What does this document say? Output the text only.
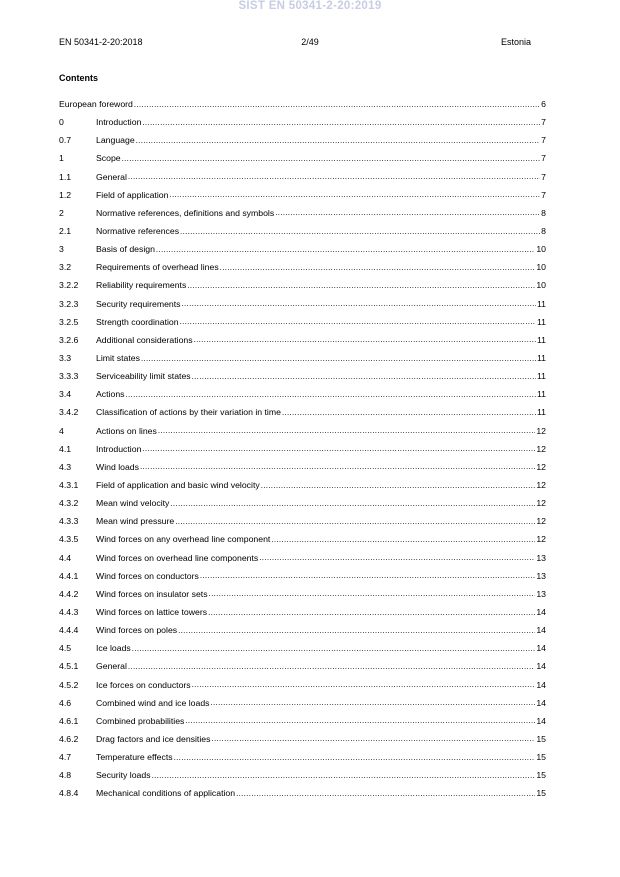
SIST EN 50341-2-20:2019
EN 50341-2-20:2018	2/49	Estonia
Contents
European foreword .....	6
0	Introduction .....	7
0.7	Language .....	7
1	Scope .....	7
1.1	General .....	7
1.2	Field of application .....	7
2	Normative references, definitions and symbols .....	8
2.1	Normative references .....	8
3	Basis of design .....	10
3.2	Requirements of overhead lines .....	10
3.2.2	Reliability requirements .....	10
3.2.3	Security requirements .....	11
3.2.5	Strength coordination .....	11
3.2.6	Additional considerations .....	11
3.3	Limit states .....	11
3.3.3	Serviceability limit states .....	11
3.4	Actions .....	11
3.4.2	Classification of actions by their variation in time .....	11
4	Actions on lines .....	12
4.1	Introduction .....	12
4.3	Wind loads .....	12
4.3.1	Field of application and basic wind velocity .....	12
4.3.2	Mean wind velocity .....	12
4.3.3	Mean wind pressure .....	12
4.3.5	Wind forces on any overhead line component .....	12
4.4	Wind forces on overhead line components .....	13
4.4.1	Wind forces on conductors .....	13
4.4.2	Wind forces on insulator sets .....	13
4.4.3	Wind forces on lattice towers .....	14
4.4.4	Wind forces on poles .....	14
4.5	Ice loads .....	14
4.5.1	General .....	14
4.5.2	Ice forces on conductors .....	14
4.6	Combined wind and ice loads .....	14
4.6.1	Combined probabilities .....	14
4.6.2	Drag factors and ice densities .....	15
4.7	Temperature effects .....	15
4.8	Security loads .....	15
4.8.4	Mechanical conditions of application .....	15
